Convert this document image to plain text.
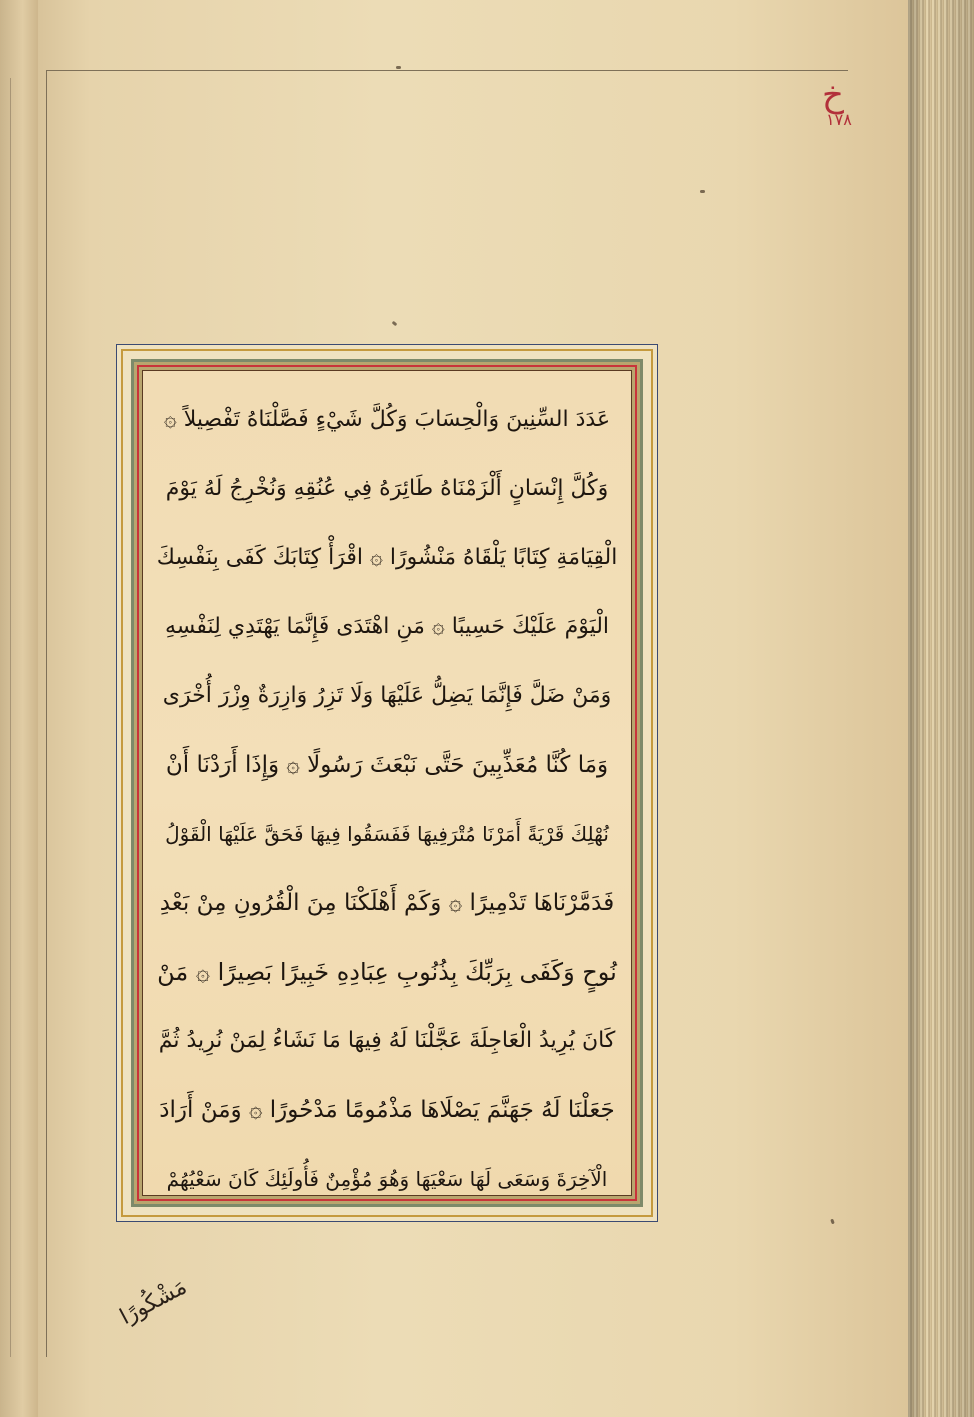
خ
١٧٨
عَدَدَ السِّنِينَ وَالْحِسَابَ وَكُلَّ شَيْءٍ فَصَّلْنَاهُ تَفْصِيلاً ۞
وَكُلَّ إِنْسَانٍ أَلْزَمْنَاهُ طَائِرَهُ فِي عُنُقِهِ وَنُخْرِجُ لَهُ يَوْمَ
الْقِيَامَةِ كِتَابًا يَلْقَاهُ مَنْشُورًا ۞ اقْرَأْ كِتَابَكَ كَفَى بِنَفْسِكَ
الْيَوْمَ عَلَيْكَ حَسِيبًا ۞ مَنِ اهْتَدَى فَإِنَّمَا يَهْتَدِي لِنَفْسِهِ
وَمَنْ ضَلَّ فَإِنَّمَا يَضِلُّ عَلَيْهَا وَلَا تَزِرُ وَازِرَةٌ وِزْرَ أُخْرَى
وَمَا كُنَّا مُعَذِّبِينَ حَتَّى نَبْعَثَ رَسُولًا ۞ وَإِذَا أَرَدْنَا أَنْ
نُهْلِكَ قَرْيَةً أَمَرْنَا مُتْرَفِيهَا فَفَسَقُوا فِيهَا فَحَقَّ عَلَيْهَا الْقَوْلُ
فَدَمَّرْنَاهَا تَدْمِيرًا ۞ وَكَمْ أَهْلَكْنَا مِنَ الْقُرُونِ مِنْ بَعْدِ
نُوحٍ وَكَفَى بِرَبِّكَ بِذُنُوبِ عِبَادِهِ خَبِيرًا بَصِيرًا ۞ مَنْ
كَانَ يُرِيدُ الْعَاجِلَةَ عَجَّلْنَا لَهُ فِيهَا مَا نَشَاءُ لِمَنْ نُرِيدُ ثُمَّ
جَعَلْنَا لَهُ جَهَنَّمَ يَصْلَاهَا مَذْمُومًا مَدْحُورًا ۞ وَمَنْ أَرَادَ
الْآخِرَةَ وَسَعَى لَهَا سَعْيَهَا وَهُوَ مُؤْمِنٌ فَأُولَئِكَ كَانَ سَعْيُهُمْ
مَشْكُورًا
